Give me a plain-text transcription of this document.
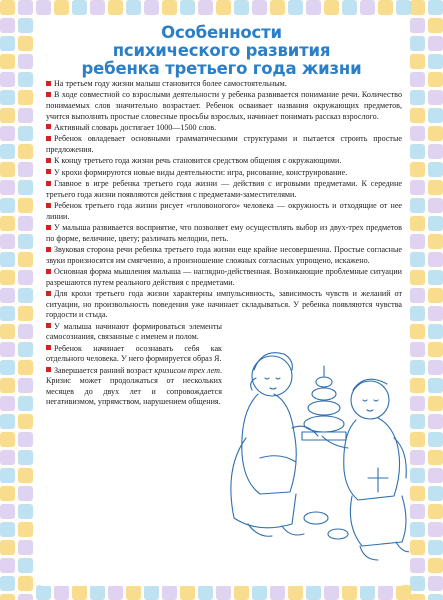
Особенности
психического развития
ребенка третьего года жизни
На третьем году жизни малыш становится более самостоятельным.
В ходе совместной со взрослыми деятельности у ребенка развивается понимание речи. Количество понимаемых слов значительно возрастает. Ребенок осваивает названия окружающих предметов, учится выполнять простые словесные просьбы взрослых, начинает понимать рассказ взрослого.
Активный словарь достигает 1000—1500 слов.
Ребенок овладевает основными грамматическими структурами и пытается строить простые предложения.
К концу третьего года жизни речь становится средством общения с окружающими.
У крохи формируются новые виды деятельности: игра, рисование, конструирование.
Главное в игре ребенка третьего года жизни — действия с игровыми предметами. К середине третьего года жизни появляются действия с предметами-заместителями.
Ребенок третьего года жизни рисует «головоногого» человека — окружность и отходящие от нее линии.
У малыша развивается восприятие, что позволяет ему осуществлять выбор из двух-трех предметов по форме, величине, цвету; различать мелодии, петь.
Звуковая сторона речи ребенка третьего года жизни еще крайне несовершенна. Простые согласные звуки произносятся им смягченно, а произношение сложных согласных упрощено, искажено.
Основная форма мышления малыша — наглядно-действенная. Возникающие проблемные ситуации разрешаются путем реального действия с предметами.
Для крохи третьего года жизни характерны импульсивность, зависимость чувств и желаний от ситуации, но произвольность поведения уже начинает складываться. У ребенка появляются чувства гордости и стыда.
У малыша начинают формироваться элементы самосознания, связанные с именем и полом.
Ребенок начинает осознавать себя как отдельного человека. У него формируется образ Я.
Завершается ранний возраст кризисом трех лет. Кризис может продолжаться от нескольких месяцев до двух лет и сопровождается негативизмом, упрямством, нарушением общения.
